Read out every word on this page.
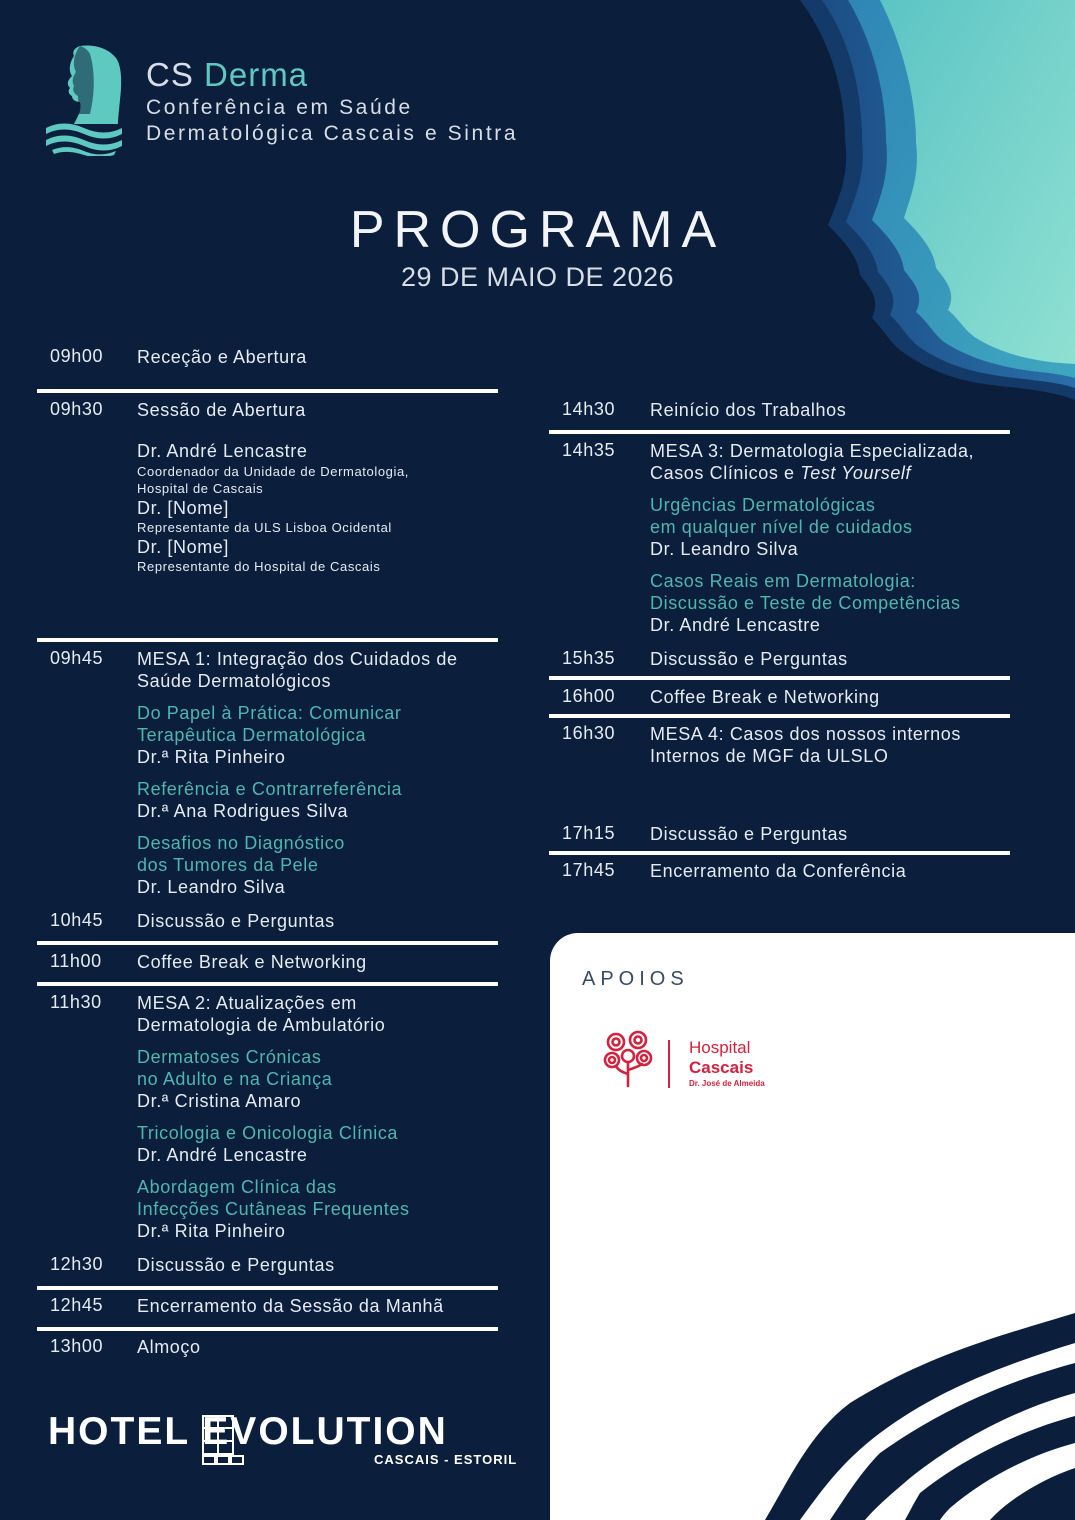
CS Derma
Conferência em Saúde
Dermatológica Cascais e Sintra
PROGRAMA
29 DE MAIO DE 2026
09h00 Receção e Abertura
09h30 Sessão de Abertura
Dr. André Lencastre
Coordenador da Unidade de Dermatologia,
Hospital de Cascais
Dr. [Nome]
Representante da ULS Lisboa Ocidental
Dr. [Nome]
Representante do Hospital de Cascais
09h45 MESA 1: Integração dos Cuidados de
Saúde Dermatológicos
Do Papel à Prática: Comunicar
Terapêutica Dermatológica
Dr.ª Rita Pinheiro
Referência e Contrarreferência
Dr.ª Ana Rodrigues Silva
Desafios no Diagnóstico
dos Tumores da Pele
Dr. Leandro Silva
10h45 Discussão e Perguntas
11h00 Coffee Break e Networking
11h30 MESA 2: Atualizações em
Dermatologia de Ambulatório
Dermatoses Crónicas
no Adulto e na Criança
Dr.ª Cristina Amaro
Tricologia e Onicologia Clínica
Dr. André Lencastre
Abordagem Clínica das
Infecções Cutâneas Frequentes
Dr.ª Rita Pinheiro
12h30 Discussão e Perguntas
12h45 Encerramento da Sessão da Manhã
13h00 Almoço
14h30 Reinício dos Trabalhos
14h35 MESA 3: Dermatologia Especializada,
Casos Clínicos e Test Yourself
Urgências Dermatológicas
em qualquer nível de cuidados
Dr. Leandro Silva
Casos Reais em Dermatologia:
Discussão e Teste de Competências
Dr. André Lencastre
15h35 Discussão e Perguntas
16h00 Coffee Break e Networking
16h30 MESA 4: Casos dos nossos internos
Internos de MGF da ULSLO
17h15 Discussão e Perguntas
17h45 Encerramento da Conferência
APOIOS
Hospital
Cascais
Dr. José de Almeida
HOTEL EVOLUTION
CASCAIS - ESTORIL
